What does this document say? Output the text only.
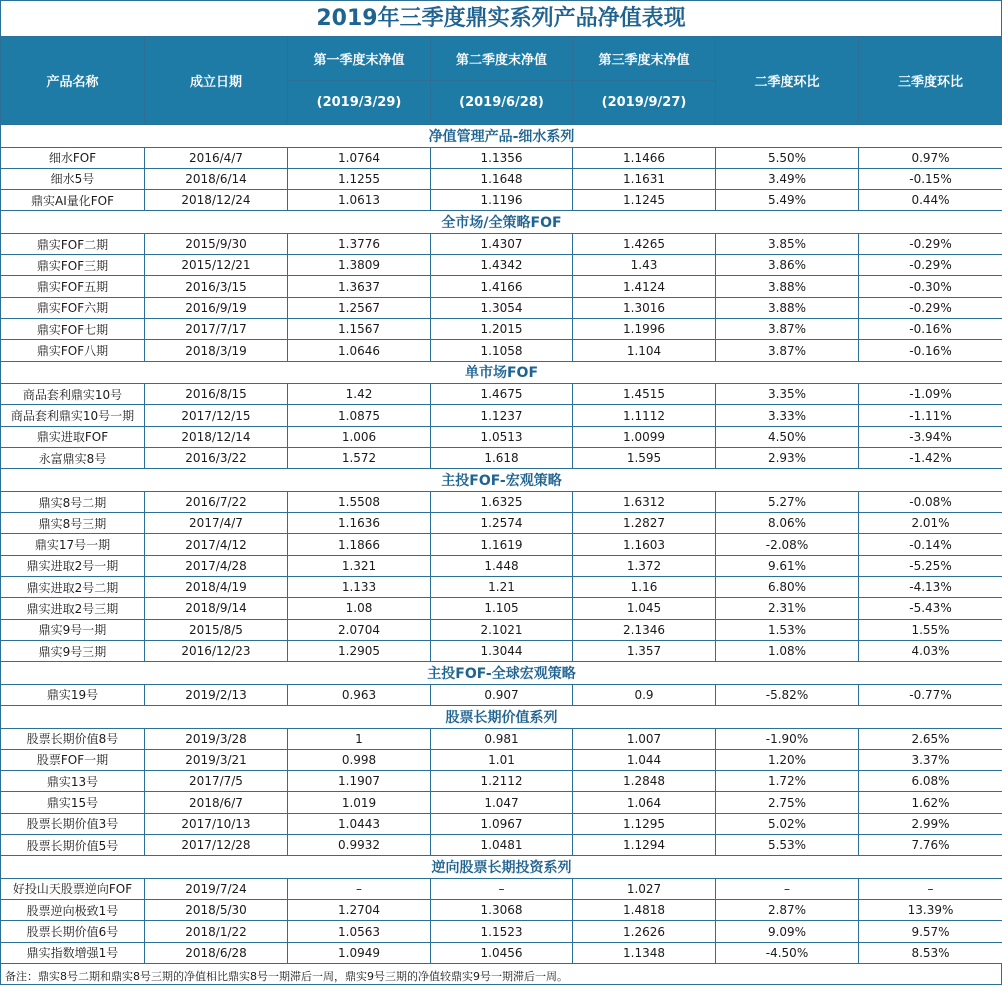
2019年三季度鼎实系列产品净值表现
产品名称	成立日期	第一季度末净值	第二季度末净值	第三季度末净值	二季度环比	三季度环比
		(2019/3/29)	(2019/6/28)	(2019/9/27)		
净值管理产品-细水系列						
细水FOF	2016/4/7	1.0764	1.1356	1.1466	5.50%	0.97%
细水5号	2018/6/14	1.1255	1.1648	1.1631	3.49%	-0.15%
鼎实AI量化FOF	2018/12/24	1.0613	1.1196	1.1245	5.49%	0.44%
全市场/全策略FOF						
鼎实FOF二期	2015/9/30	1.3776	1.4307	1.4265	3.85%	-0.29%
鼎实FOF三期	2015/12/21	1.3809	1.4342	1.43	3.86%	-0.29%
鼎实FOF五期	2016/3/15	1.3637	1.4166	1.4124	3.88%	-0.30%
鼎实FOF六期	2016/9/19	1.2567	1.3054	1.3016	3.88%	-0.29%
鼎实FOF七期	2017/7/17	1.1567	1.2015	1.1996	3.87%	-0.16%
鼎实FOF八期	2018/3/19	1.0646	1.1058	1.104	3.87%	-0.16%
单市场FOF						
商品套利鼎实10号	2016/8/15	1.42	1.4675	1.4515	3.35%	-1.09%
商品套利鼎实10号一期	2017/12/15	1.0875	1.1237	1.1112	3.33%	-1.11%
鼎实进取FOF	2018/12/14	1.006	1.0513	1.0099	4.50%	-3.94%
永富鼎实8号	2016/3/22	1.572	1.618	1.595	2.93%	-1.42%
主投FOF-宏观策略						
鼎实8号二期	2016/7/22	1.5508	1.6325	1.6312	5.27%	-0.08%
鼎实8号三期	2017/4/7	1.1636	1.2574	1.2827	8.06%	2.01%
鼎实17号一期	2017/4/12	1.1866	1.1619	1.1603	-2.08%	-0.14%
鼎实进取2号一期	2017/4/28	1.321	1.448	1.372	9.61%	-5.25%
鼎实进取2号二期	2018/4/19	1.133	1.21	1.16	6.80%	-4.13%
鼎实进取2号三期	2018/9/14	1.08	1.105	1.045	2.31%	-5.43%
鼎实9号一期	2015/8/5	2.0704	2.1021	2.1346	1.53%	1.55%
鼎实9号三期	2016/12/23	1.2905	1.3044	1.357	1.08%	4.03%
主投FOF-全球宏观策略						
鼎实19号	2019/2/13	0.963	0.907	0.9	-5.82%	-0.77%
股票长期价值系列						
股票长期价值8号	2019/3/28	1	0.981	1.007	-1.90%	2.65%
股票FOF一期	2019/3/21	0.998	1.01	1.044	1.20%	3.37%
鼎实13号	2017/7/5	1.1907	1.2112	1.2848	1.72%	6.08%
鼎实15号	2018/6/7	1.019	1.047	1.064	2.75%	1.62%
股票长期价值3号	2017/10/13	1.0443	1.0967	1.1295	5.02%	2.99%
股票长期价值5号	2017/12/28	0.9932	1.0481	1.1294	5.53%	7.76%
逆向股票长期投资系列						
好投山天股票逆向FOF	2019/7/24	–	–	1.027	–	–
股票逆向极致1号	2018/5/30	1.2704	1.3068	1.4818	2.87%	13.39%
股票长期价值6号	2018/1/22	1.0563	1.1523	1.2626	9.09%	9.57%
鼎实指数增强1号	2018/6/28	1.0949	1.0456	1.1348	-4.50%	8.53%
备注：鼎实8号二期和鼎实8号三期的净值相比鼎实8号一期滞后一周，鼎实9号三期的净值较鼎实9号一期滞后一周。
